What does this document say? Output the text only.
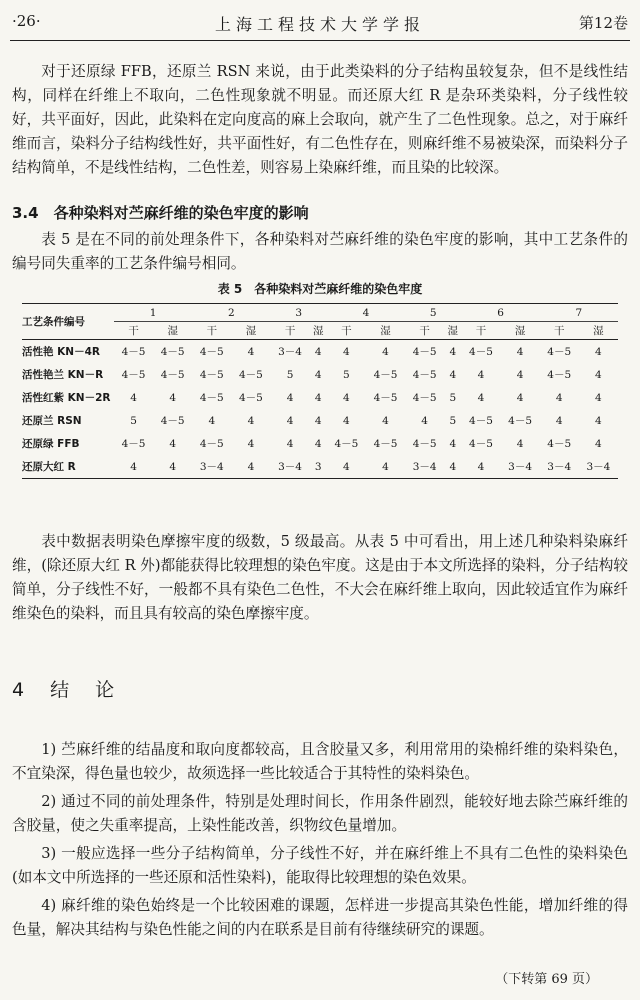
·26·	上海工程技术大学学报	第12卷

对于还原绿 FFB，还原兰 RSN 来说，由于此类染料的分子结构虽较复杂，但不是线性结构，同样在纤维上不取向，二色性现象就不明显。而还原大红 R 是杂环类染料，分子线性较好，共平面好，因此，此染料在定向度高的麻上会取向，就产生了二色性现象。总之，对于麻纤维而言，染料分子结构线性好，共平面性好，有二色性存在，则麻纤维不易被染深，而染料分子结构简单，不是线性结构，二色性差，则容易上染麻纤维，而且染的比较深。

3.4　各种染料对苎麻纤维的染色牢度的影响

表 5 是在不同的前处理条件下，各种染料对苎麻纤维的染色牢度的影响，其中工艺条件的编号同失重率的工艺条件编号相同。

表 5　各种染料对苎麻纤维的染色牢度
工艺条件编号	1		2		3		4		5		6		7	
	干	湿	干	湿	干	湿	干	湿	干	湿	干	湿	干	湿
活性艳 KN－4R	4－5	4－5	4－5	4	3－4	4	4	4	4－5	4	4－5	4	4－5	4
活性艳兰 KN－R	4－5	4－5	4－5	4－5	5	4	5	4－5	4－5	4	4	4	4－5	4
活性红紫 KN－2R	4	4	4－5	4－5	4	4	4	4－5	4－5	5	4	4	4	4
还原兰 RSN	5	4－5	4	4	4	4	4	4	4	5	4－5	4－5	4	4
还原绿 FFB	4－5	4	4－5	4	4	4	4－5	4－5	4－5	4	4－5	4	4－5	4
还原大红 R	4	4	3－4	4	3－4	3	4	4	3－4	4	4	3－4	3－4	3－4

表中数据表明染色摩擦牢度的级数，5 级最高。从表 5 中可看出，用上述几种染料染麻纤维，(除还原大红 R 外)都能获得比较理想的染色牢度。这是由于本文所选择的染料，分子结构较简单，分子线性不好，一般都不具有染色二色性，不大会在麻纤维上取向，因此较适宜作为麻纤维染色的染料，而且具有较高的染色摩擦牢度。

4 结 论

1) 苎麻纤维的结晶度和取向度都较高，且含胶量又多，利用常用的染棉纤维的染料染色，不宜染深，得色量也较少，故须选择一些比较适合于其特性的染料染色。

2) 通过不同的前处理条件，特别是处理时间长，作用条件剧烈，能较好地去除苎麻纤维的含胶量，使之失重率提高，上染性能改善，织物纹色量增加。

3) 一般应选择一些分子结构简单，分子线性不好，并在麻纤维上不具有二色性的染料染色(如本文中所选择的一些还原和活性染料)，能取得比较理想的染色效果。

4) 麻纤维的染色始终是一个比较困难的课题，怎样进一步提高其染色性能，增加纤维的得色量，解决其结构与染色性能之间的内在联系是目前有待继续研究的课题。

（下转第 69 页）
